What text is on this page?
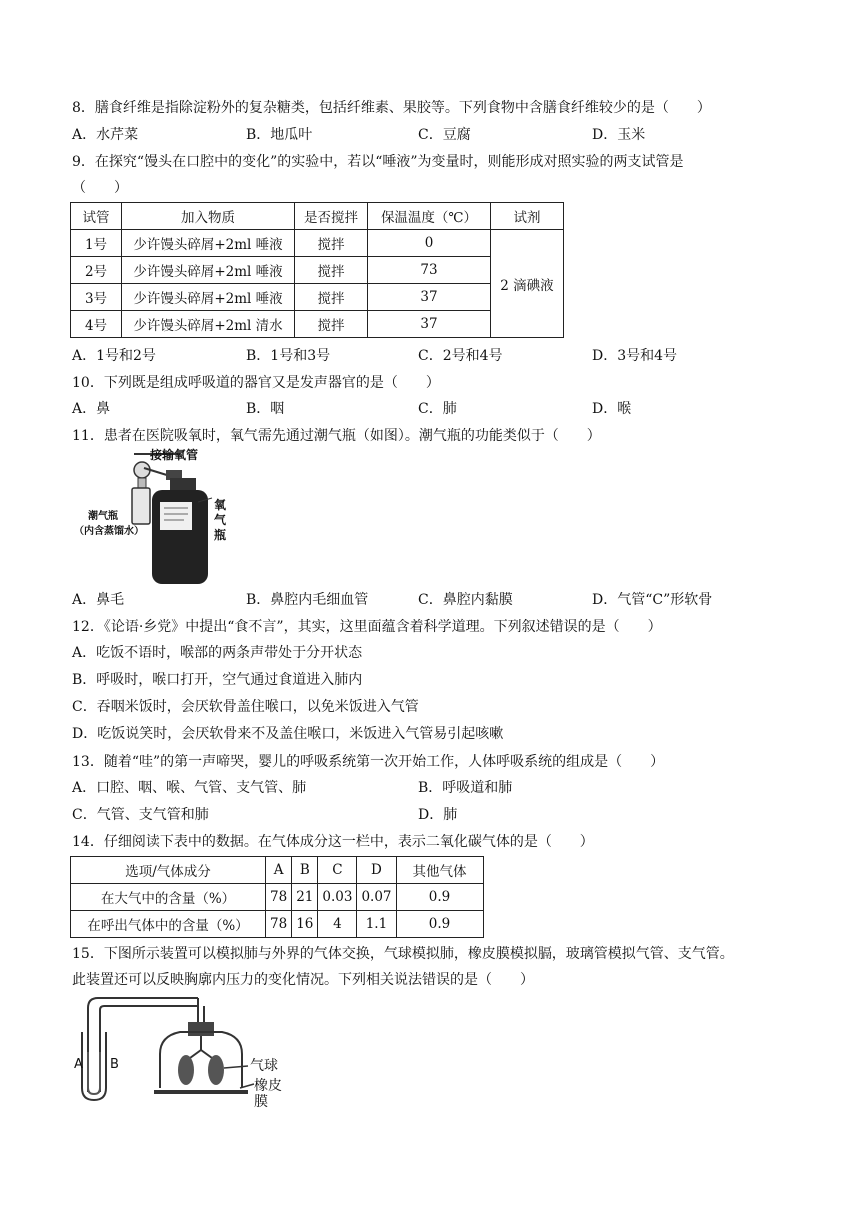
8．膳食纤维是指除淀粉外的复杂糖类，包括纤维素、果胶等。下列食物中含膳食纤维较少的是（　　）
A．水芹菜	B．地瓜叶	C．豆腐	D．玉米
9．在探究“馒头在口腔中的变化”的实验中，若以“唾液”为变量时，则能形成对照实验的两支试管是
（　　）
试管	加入物质	是否搅拌	保温温度（℃）	试剂
1号	少许馒头碎屑+2ml 唾液	搅拌	0	2 滴碘液
2号	少许馒头碎屑+2ml 唾液	搅拌	73	
3号	少许馒头碎屑+2ml 唾液	搅拌	37	
4号	少许馒头碎屑+2ml 清水	搅拌	37	
A．1号和2号	B．1号和3号	C．2号和4号	D．3号和4号
10．下列既是组成呼吸道的器官又是发声器官的是（　　）
A．鼻	B．咽	C．肺	D．喉
11．患者在医院吸氧时，氧气需先通过潮气瓶（如图）。潮气瓶的功能类似于（　　）
接输氧管
氧
气
瓶
潮气瓶
（内含蒸馏水）
A．鼻毛	B．鼻腔内毛细血管	C．鼻腔内黏膜	D．气管“C”形软骨
12．《论语·乡党》中提出“食不言”，其实，这里面蕴含着科学道理。下列叙述错误的是（　　）
A．吃饭不语时，喉部的两条声带处于分开状态
B．呼吸时，喉口打开，空气通过食道进入肺内
C．吞咽米饭时，会厌软骨盖住喉口，以免米饭进入气管
D．吃饭说笑时，会厌软骨来不及盖住喉口，米饭进入气管易引起咳嗽
13．随着“哇”的第一声啼哭，婴儿的呼吸系统第一次开始工作，人体呼吸系统的组成是（　　）
A．口腔、咽、喉、气管、支气管、肺	B．呼吸道和肺
C．气管、支气管和肺	D．肺
14．仔细阅读下表中的数据。在气体成分这一栏中，表示二氧化碳气体的是（　　）
选项/气体成分	A	B	C	D	其他气体
在大气中的含量（%）	78	21	0.03	0.07	0.9
在呼出气体中的含量（%）	78	16	4	1.1	0.9
15．下图所示装置可以模拟肺与外界的气体交换，气球模拟肺，橡皮膜模拟膈，玻璃管模拟气管、支气管。
此装置还可以反映胸廓内压力的变化情况。下列相关说法错误的是（　　）
A B	气球
橡皮膜
